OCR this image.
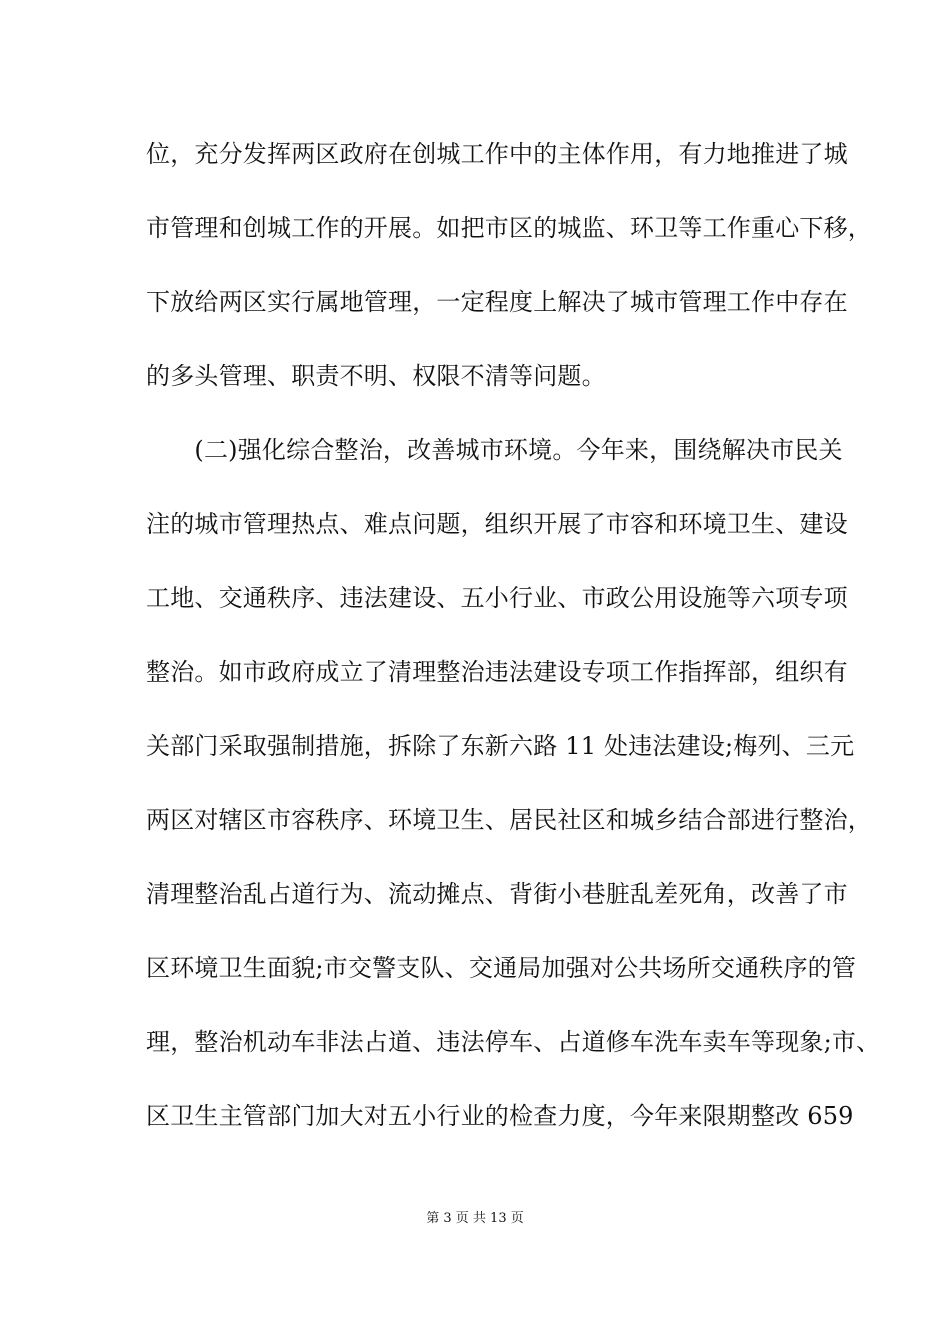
位，充分发挥两区政府在创城工作中的主体作用，有力地推进了城
市管理和创城工作的开展。如把市区的城监、环卫等工作重心下移，
下放给两区实行属地管理，一定程度上解决了城市管理工作中存在
的多头管理、职责不明、权限不清等问题。
　　(二)强化综合整治，改善城市环境。今年来，围绕解决市民关
注的城市管理热点、难点问题，组织开展了市容和环境卫生、建设
工地、交通秩序、违法建设、五小行业、市政公用设施等六项专项
整治。如市政府成立了清理整治违法建设专项工作指挥部，组织有
关部门采取强制措施，拆除了东新六路 11 处违法建设;梅列、三元
两区对辖区市容秩序、环境卫生、居民社区和城乡结合部进行整治，
清理整治乱占道行为、流动摊点、背街小巷脏乱差死角，改善了市
区环境卫生面貌;市交警支队、交通局加强对公共场所交通秩序的管
理，整治机动车非法占道、违法停车、占道修车洗车卖车等现象;市、
区卫生主管部门加大对五小行业的检查力度，今年来限期整改 659
第 3 页 共 13 页
